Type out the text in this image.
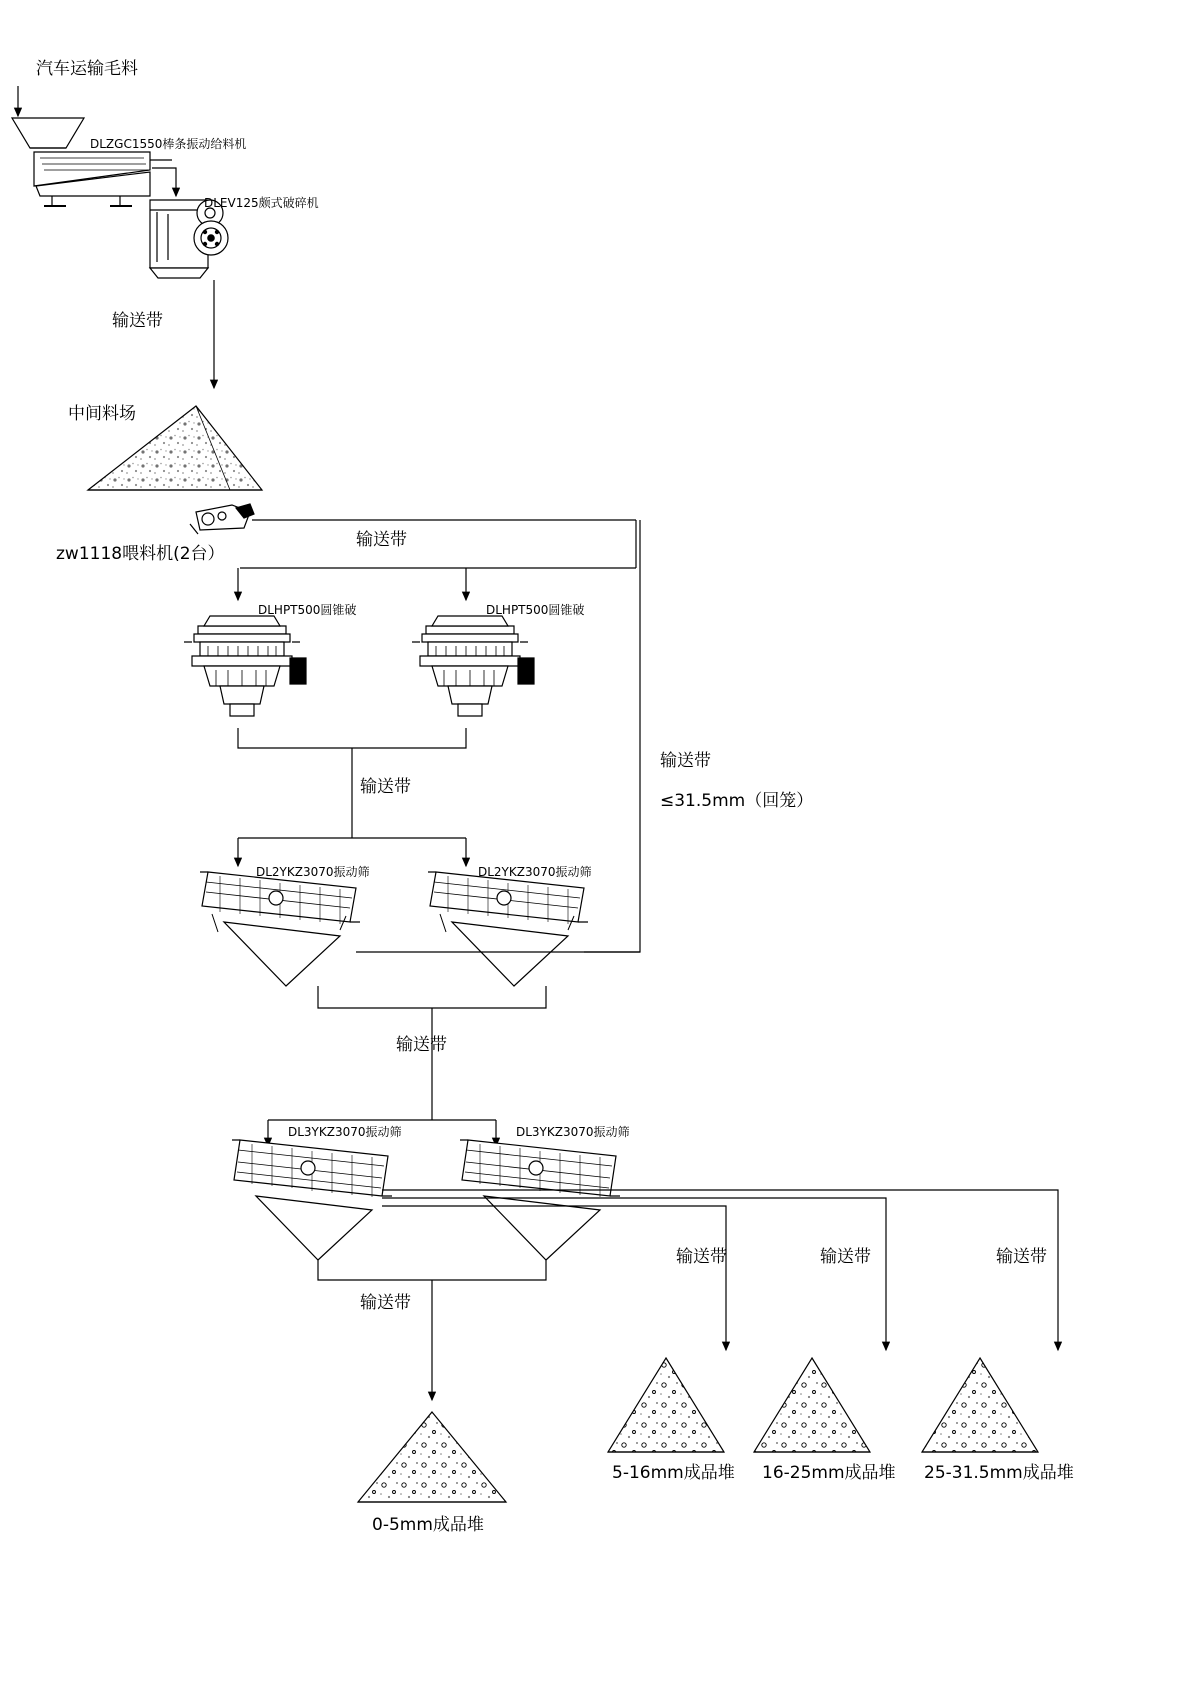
汽车运输毛料
DLZGC1550棒条振动给料机
DLEV125颇式破碎机
输送带
中间料场
zw1118喂料机(2台）
输送带
DLHPT500圆锥破	DLHPT500圆锥破
输送带
输送带
≤31.5mm（回笼）
DL2YKZ3070振动筛	DL2YKZ3070振动筛
输送带
DL3YKZ3070振动筛	DL3YKZ3070振动筛
输送带
输送带	输送带	输送带
0-5mm成品堆
5-16mm成品堆 16-25mm成品堆 25-31.5mm成品堆
